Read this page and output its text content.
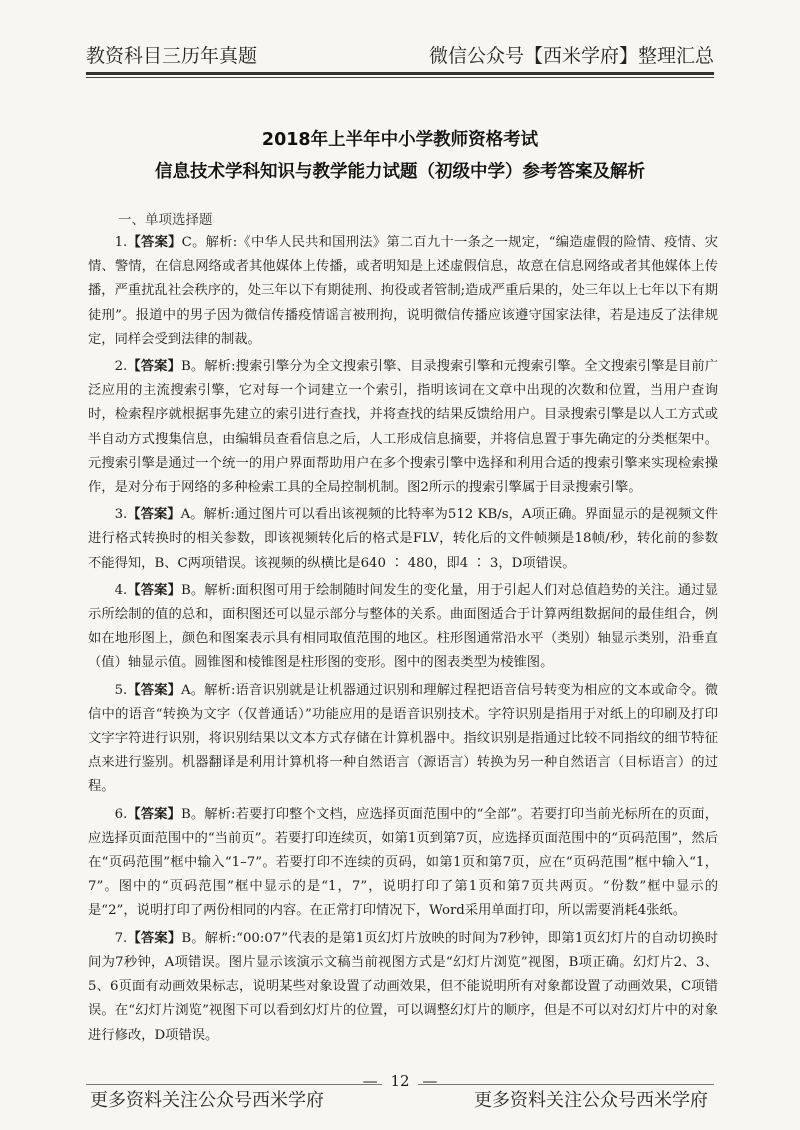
教资科目三历年真题	微信公众号【西米学府】整理汇总
2018年上半年中小学教师资格考试
信息技术学科知识与教学能力试题（初级中学）参考答案及解析
一、单项选择题

1.【答案】C。解析:《中华人民共和国刑法》第二百九十一条之一规定，“编造虚假的险情、疫情、灾情、警情，在信息网络或者其他媒体上传播，或者明知是上述虚假信息，故意在信息网络或者其他媒体上传播，严重扰乱社会秩序的，处三年以下有期徒刑、拘役或者管制;造成严重后果的，处三年以上七年以下有期徒刑”。报道中的男子因为微信传播疫情谣言被刑拘，说明微信传播应该遵守国家法律，若是违反了法律规定，同样会受到法律的制裁。

2.【答案】B。解析:搜索引擎分为全文搜索引擎、目录搜索引擎和元搜索引擎。全文搜索引擎是目前广泛应用的主流搜索引擎，它对每一个词建立一个索引，指明该词在文章中出现的次数和位置，当用户查询时，检索程序就根据事先建立的索引进行查找，并将查找的结果反馈给用户。目录搜索引擎是以人工方式或半自动方式搜集信息，由编辑员查看信息之后，人工形成信息摘要，并将信息置于事先确定的分类框架中。元搜索引擎是通过一个统一的用户界面帮助用户在多个搜索引擎中选择和利用合适的搜索引擎来实现检索操作，是对分布于网络的多种检索工具的全局控制机制。图2所示的搜索引擎属于目录搜索引擎。

3.【答案】A。解析:通过图片可以看出该视频的比特率为512 KB/s，A项正确。界面显示的是视频文件进行格式转换时的相关参数，即该视频转化后的格式是FLV，转化后的文件帧频是18帧/秒，转化前的参数不能得知，B、C两项错误。该视频的纵横比是640 ∶ 480，即4 ∶ 3，D项错误。

4.【答案】B。解析:面积图可用于绘制随时间发生的变化量，用于引起人们对总值趋势的关注。通过显示所绘制的值的总和，面积图还可以显示部分与整体的关系。曲面图适合于计算两组数据间的最佳组合，例如在地形图上，颜色和图案表示具有相同取值范围的地区。柱形图通常沿水平（类别）轴显示类别，沿垂直（值）轴显示值。圆锥图和棱锥图是柱形图的变形。图中的图表类型为棱锥图。

5.【答案】A。解析:语音识别就是让机器通过识别和理解过程把语音信号转变为相应的文本或命令。微信中的语音“转换为文字（仅普通话）”功能应用的是语音识别技术。字符识别是指用于对纸上的印刷及打印文字字符进行识别，将识别结果以文本方式存储在计算机器中。指纹识别是指通过比较不同指纹的细节特征点来进行鉴别。机器翻译是利用计算机将一种自然语言（源语言）转换为另一种自然语言（目标语言）的过程。

6.【答案】B。解析:若要打印整个文档，应选择页面范围中的“全部”。若要打印当前光标所在的页面，应选择页面范围中的“当前页”。若要打印连续页，如第1页到第7页，应选择页面范围中的“页码范围”，然后在“页码范围”框中输入“1–7”。若要打印不连续的页码，如第1页和第7页，应在“页码范围”框中输入“1，7”。图中的“页码范围”框中显示的是“1，7”，说明打印了第1页和第7页共两页。“份数”框中显示的是“2”，说明打印了两份相同的内容。在正常打印情况下，Word采用单面打印，所以需要消耗4张纸。

7.【答案】B。解析:“00:07”代表的是第1页幻灯片放映的时间为7秒钟，即第1页幻灯片的自动切换时间为7秒钟，A项错误。图片显示该演示文稿当前视图方式是“幻灯片浏览”视图，B项正确。幻灯片2、3、5、6页面有动画效果标志，说明某些对象设置了动画效果，但不能说明所有对象都设置了动画效果，C项错误。在“幻灯片浏览”视图下可以看到幻灯片的位置，可以调整幻灯片的顺序，但是不可以对幻灯片中的对象进行修改，D项错误。

— 12 —
更多资料关注公众号西米学府	更多资料关注公众号西米学府
